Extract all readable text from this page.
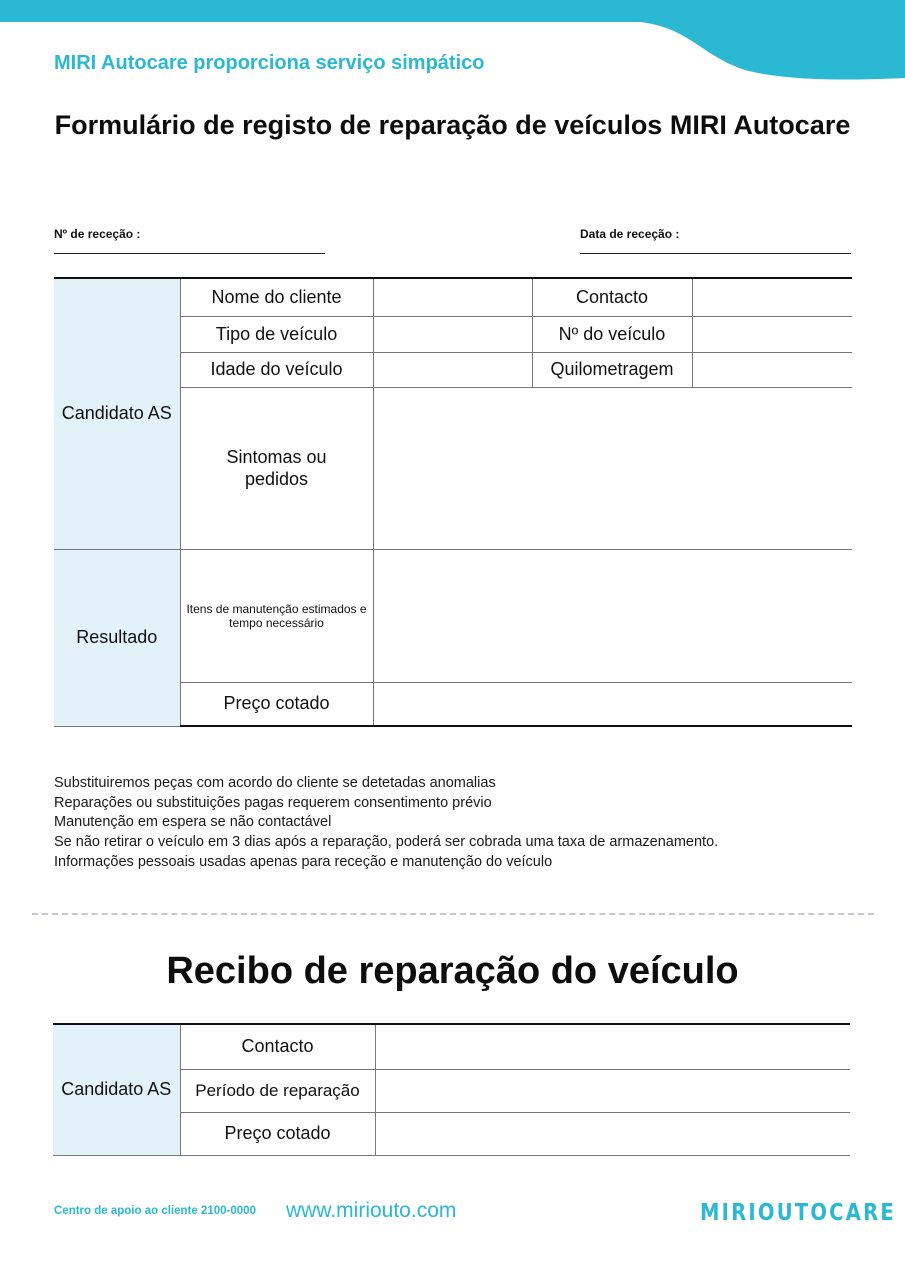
MIRI Autocare proporciona serviço simpático
Formulário de registo de reparação de veículos MIRI Autocare
Nº de receção :	Data de receção :
Candidato AS	Nome do cliente		Contacto	
	Tipo de veículo		Nº do veículo	
	Idade do veículo		Quilometragem	
	Sintomas ou pedidos			
Resultado	Itens de manutenção estimados e tempo necessário			
	Preço cotado			
Substituiremos peças com acordo do cliente se detetadas anomalias
Reparações ou substituições pagas requerem consentimento prévio
Manutenção em espera se não contactável
Se não retirar o veículo em 3 dias após a reparação, poderá ser cobrada uma taxa de armazenamento.
Informações pessoais usadas apenas para receção e manutenção do veículo
Recibo de reparação do veículo
Candidato AS	Contacto	
	Período de reparação	
	Preço cotado	
Centro de apoio ao cliente 2100-0000 www.miriouto.com	MIRIOUTOCARE
